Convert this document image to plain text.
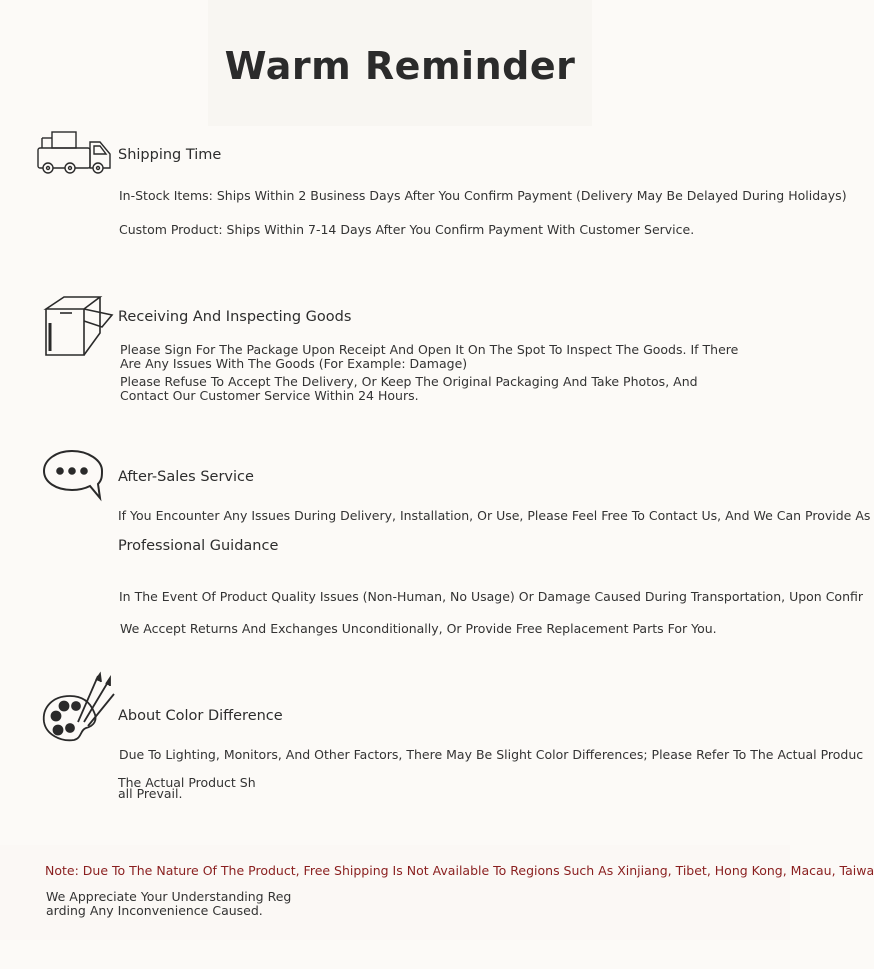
Warm Reminder
Shipping Time
In-Stock Items: Ships Within 2 Business Days After You Confirm Payment (Delivery May Be Delayed During Holidays)
Custom Product: Ships Within 7-14 Days After You Confirm Payment With Customer Service.
Receiving And Inspecting Goods
Please Sign For The Package Upon Receipt And Open It On The Spot To Inspect The Goods. If There Are Any Issues With The Goods (For Example: Damage)
Please Refuse To Accept The Delivery, Or Keep The Original Packaging And Take Photos, And Contact Our Customer Service Within 24 Hours.
After-Sales Service
If You Encounter Any Issues During Delivery, Installation, Or Use, Please Feel Free To Contact Us, And We Can Provide As
Professional Guidance
In The Event Of Product Quality Issues (Non-Human, No Usage) Or Damage Caused During Transportation, Upon Confir
We Accept Returns And Exchanges Unconditionally, Or Provide Free Replacement Parts For You.
About Color Difference
Due To Lighting, Monitors, And Other Factors, There May Be Slight Color Differences; Please Refer To The Actual Produc
The Actual Product Sh
all Prevail.
Note: Due To The Nature Of The Product, Free Shipping Is Not Available To Regions Such As Xinjiang, Tibet, Hong Kong, Macau, Taiwa
We Appreciate Your Understanding Reg
arding Any Inconvenience Caused.
